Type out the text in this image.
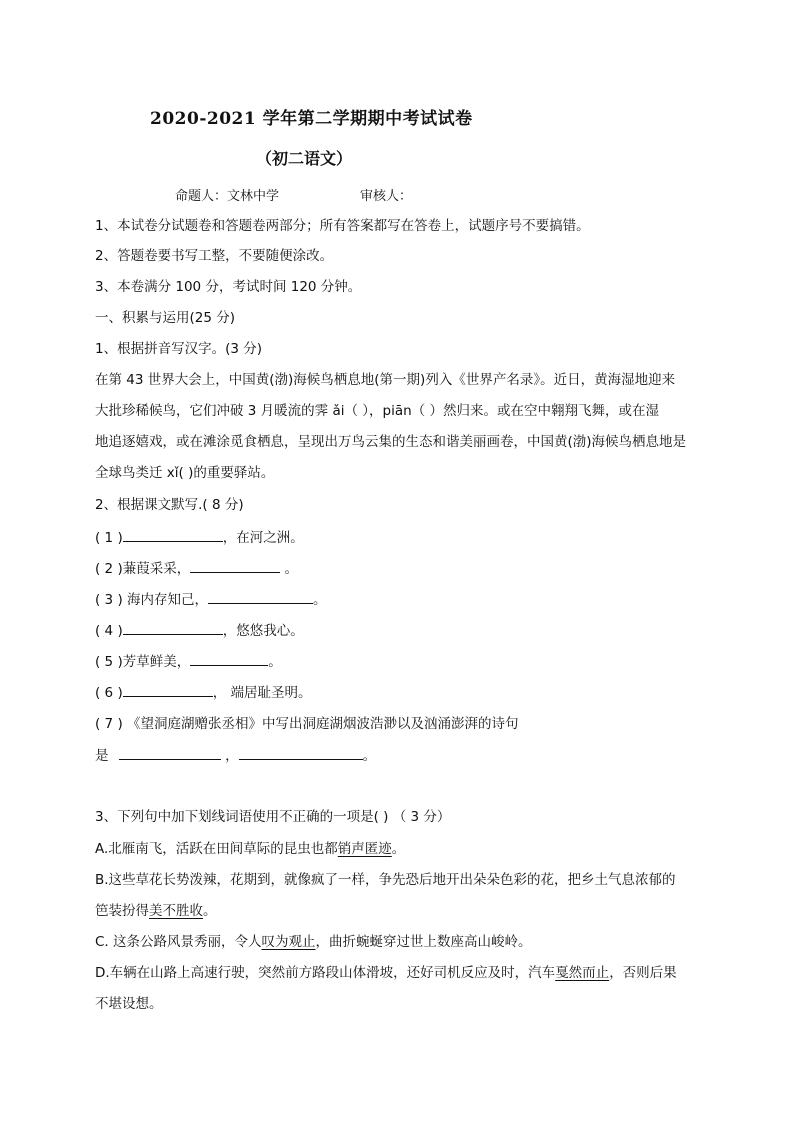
2020-2021 学年第二学期期中考试试卷
（初二语文）
命题人：文林中学	审核人：
1、本试卷分试题卷和答题卷两部分；所有答案都写在答卷上，试题序号不要搞错。
2、答题卷要书写工整，不要随便涂改。
3、本卷满分 100 分，考试时间 120 分钟。
一、积累与运用(25 分)
1、根据拼音写汉字。(3 分)
在第 43 世界大会上，中国黄(渤)海候鸟栖息地(第一期)列入《世界产名录》。近日，黄海湿地迎来
大批珍稀候鸟，它们冲破 3 月暖流的霁 ǎi（ ），piān（ ）然归来。或在空中翱翔飞舞，或在湿
地追逐嬉戏，或在滩涂觅食栖息，呈现出万鸟云集的生态和谐美丽画卷，中国黄(渤)海候鸟栖息地是
全球鸟类迁 xǐ( )的重要驿站。
2、根据课文默写.( 8 分)
( 1 )	，在河之洲。
( 2 )蒹葭采采，	。
( 3 ) 海内存知己，	。
( 4 )	，悠悠我心。
( 5 )芳草鲜美，	。
( 6 )	， 端居耻圣明。
( 7 ) 《望洞庭湖赠张丞相》中写出洞庭湖烟波浩渺以及汹涌澎湃的诗句
是	，	。
3、下列句中加下划线词语使用不正确的一项是( ) （ 3 分）
A.北雁南飞，活跃在田间草际的昆虫也都销声匿迹。
B.这些草花长势泼辣，花期到，就像疯了一样，争先恐后地开出朵朵色彩的花，把乡土气息浓郁的
笆装扮得美不胜收。
C. 这条公路风景秀丽，令人叹为观止，曲折蜿蜒穿过世上数座高山峻岭。
D.车辆在山路上高速行驶，突然前方路段山体滑坡，还好司机反应及时，汽车戛然而止，否则后果
不堪设想。
